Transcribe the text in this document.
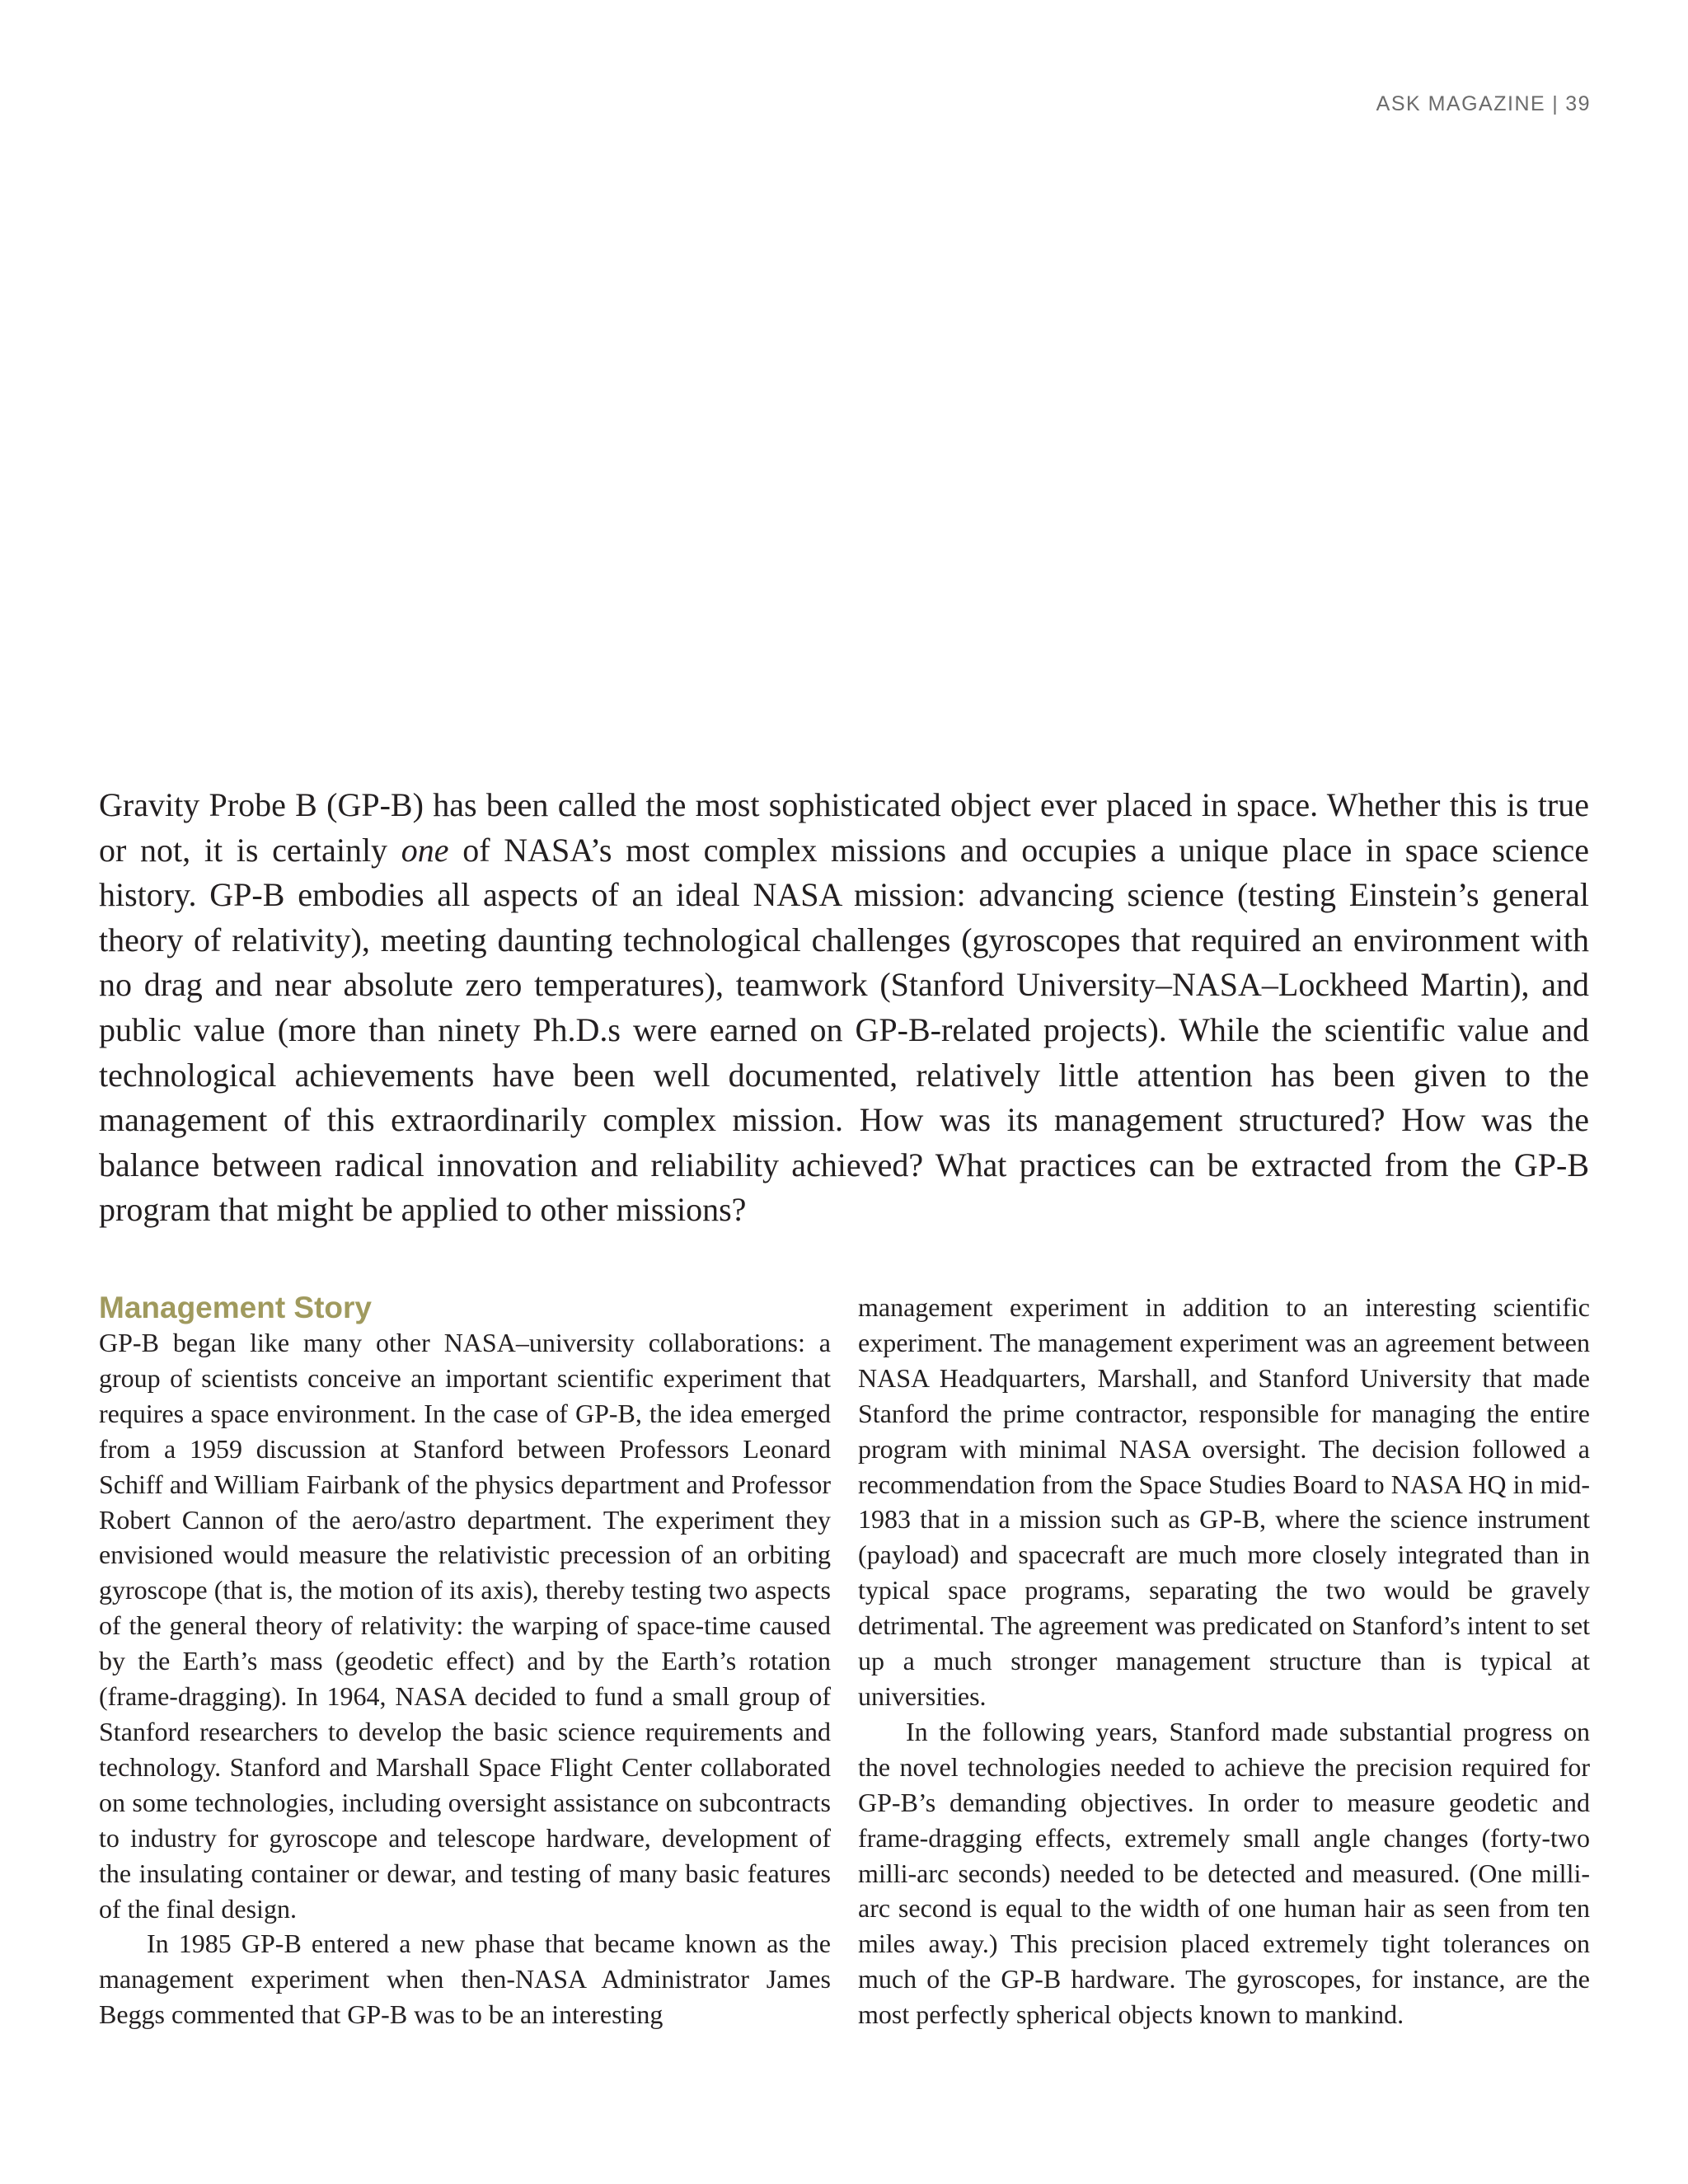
ASK MAGAZINE | 39

Gravity Probe B (GP-B) has been called the most sophisticated object ever placed in space. Whether this is true or not, it is certainly one of NASA’s most complex missions and occupies a unique place in space science history. GP-B embodies all aspects of an ideal NASA mission: advancing science (testing Einstein’s general theory of relativity), meeting daunting technological challenges (gyroscopes that required an environment with no drag and near absolute zero temperatures), teamwork (Stanford University–NASA–Lockheed Martin), and public value (more than ninety Ph.D.s were earned on GP-B-related projects). While the scientific value and technological achievements have been well documented, relatively little attention has been given to the management of this extraordinarily complex mission. How was its management structured? How was the balance between radical innovation and reliability achieved? What practices can be extracted from the GP-B program that might be applied to other missions?

Management Story

GP-B began like many other NASA–university collaborations: a group of scientists conceive an important scientific experiment that requires a space environment. In the case of GP-B, the idea emerged from a 1959 discussion at Stanford between Professors Leonard Schiff and William Fairbank of the physics department and Professor Robert Cannon of the aero/astro department. The experiment they envisioned would measure the relativistic precession of an orbiting gyroscope (that is, the motion of its axis), thereby testing two aspects of the general theory of relativity: the warping of space-time caused by the Earth’s mass (geodetic effect) and by the Earth’s rotation (frame-dragging). In 1964, NASA decided to fund a small group of Stanford researchers to develop the basic science requirements and technology. Stanford and Marshall Space Flight Center collaborated on some technologies, including oversight assistance on subcontracts to industry for gyroscope and telescope hardware, development of the insulating container or dewar, and testing of many basic features of the final design.

In 1985 GP-B entered a new phase that became known as the management experiment when then-NASA Administrator James Beggs commented that GP-B was to be an interesting

management experiment in addition to an interesting scientific experiment. The management experiment was an agreement between NASA Headquarters, Marshall, and Stanford University that made Stanford the prime contractor, responsible for managing the entire program with minimal NASA oversight. The decision followed a recommendation from the Space Studies Board to NASA HQ in mid-1983 that in a mission such as GP-B, where the science instrument (payload) and spacecraft are much more closely integrated than in typical space programs, separating the two would be gravely detrimental. The agreement was predicated on Stanford’s intent to set up a much stronger management structure than is typical at universities.

In the following years, Stanford made substantial progress on the novel technologies needed to achieve the precision required for GP-B’s demanding objectives. In order to measure geodetic and frame-dragging effects, extremely small angle changes (forty-two milli-arc seconds) needed to be detected and measured. (One milli-arc second is equal to the width of one human hair as seen from ten miles away.) This precision placed extremely tight tolerances on much of the GP-B hardware. The gyroscopes, for instance, are the most perfectly spherical objects known to mankind.
